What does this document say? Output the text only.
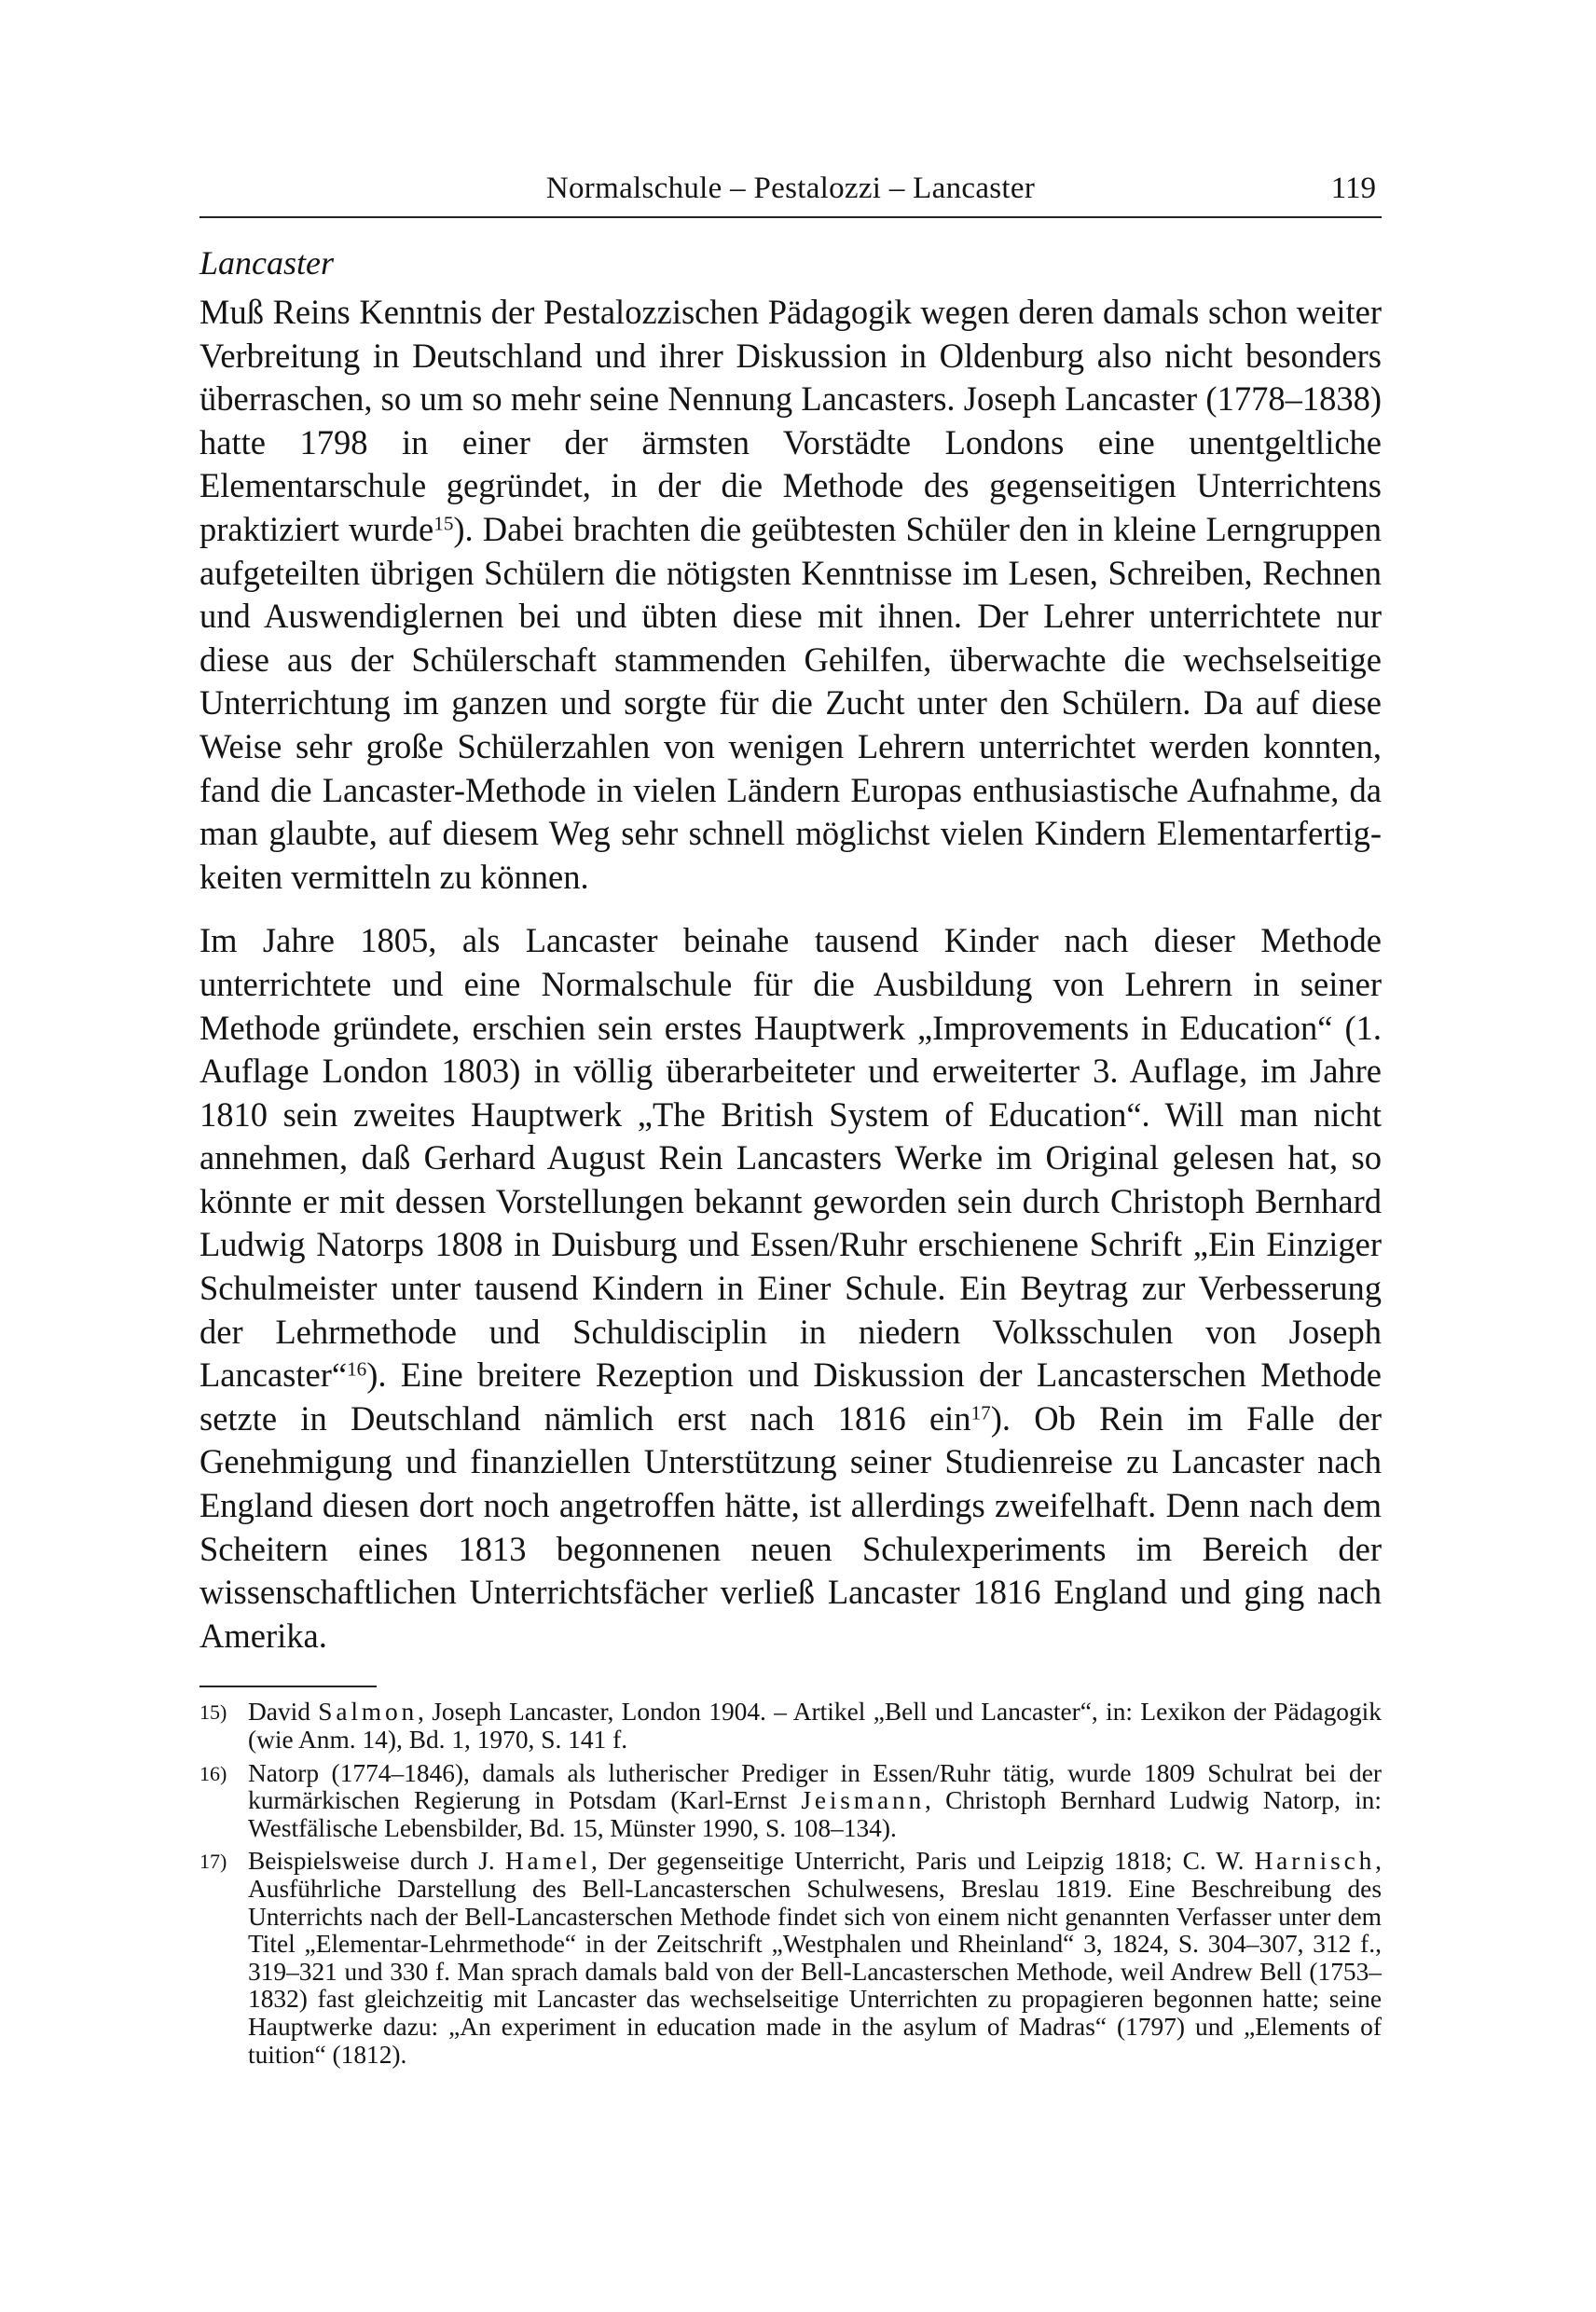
Normalschule – Pestalozzi – Lancaster	119
Lancaster

Muß Reins Kenntnis der Pestalozzischen Pädagogik wegen deren damals schon weiter Verbreitung in Deutschland und ihrer Diskussion in Oldenburg also nicht besonders überraschen, so um so mehr seine Nennung Lancasters. Joseph Lancaster (1778–1838) hatte 1798 in einer der ärmsten Vorstädte Londons eine unentgeltliche Elementarschule gegründet, in der die Methode des gegenseitigen Unterrichtens praktiziert wurde$^{15}$). Dabei brachten die geübtesten Schüler den in kleine Lerngruppen aufgeteilten übrigen Schülern die nötigsten Kenntnisse im Lesen, Schreiben, Rechnen und Auswendiglernen bei und übten diese mit ihnen. Der Lehrer unterrichtete nur diese aus der Schülerschaft stammenden Gehilfen, überwachte die wechselseitige Unterrichtung im ganzen und sorgte für die Zucht unter den Schülern. Da auf diese Weise sehr große Schülerzahlen von wenigen Lehrern unterrichtet werden konnten, fand die Lancaster-Methode in vielen Ländern Europas enthusiastische Aufnahme, da man glaubte, auf diesem Weg sehr schnell möglichst vielen Kindern Elementarfertigkeiten vermitteln zu können.

Im Jahre 1805, als Lancaster beinahe tausend Kinder nach dieser Methode unterrichtete und eine Normalschule für die Ausbildung von Lehrern in seiner Methode gründete, erschien sein erstes Hauptwerk „Improvements in Education“ (1. Auflage London 1803) in völlig überarbeiteter und erweiterter 3. Auflage, im Jahre 1810 sein zweites Hauptwerk „The British System of Education“. Will man nicht annehmen, daß Gerhard August Rein Lancasters Werke im Original gelesen hat, so könnte er mit dessen Vorstellungen bekannt geworden sein durch Christoph Bernhard Ludwig Natorps 1808 in Duisburg und Essen/Ruhr erschienene Schrift „Ein Einziger Schulmeister unter tausend Kindern in Einer Schule. Ein Beytrag zur Verbesserung der Lehrmethode und Schuldisciplin in niedern Volksschulen von Joseph Lancaster“$^{16}$). Eine breitere Rezeption und Diskussion der Lancasterschen Methode setzte in Deutschland nämlich erst nach 1816 ein$^{17}$). Ob Rein im Falle der Genehmigung und finanziellen Unterstützung seiner Studienreise zu Lancaster nach England diesen dort noch angetroffen hätte, ist allerdings zweifelhaft. Denn nach dem Scheitern eines 1813 begonnenen neuen Schulexperiments im Bereich der wissenschaftlichen Unterrichtsfächer verließ Lancaster 1816 England und ging nach Amerika.

15) David Salmon, Joseph Lancaster, London 1904. – Artikel „Bell und Lancaster“, in: Lexikon der Pädagogik (wie Anm. 14), Bd. 1, 1970, S. 141 f.
16) Natorp (1774–1846), damals als lutherischer Prediger in Essen/Ruhr tätig, wurde 1809 Schulrat bei der kurmärkischen Regierung in Potsdam (Karl-Ernst Jeismann, Christoph Bernhard Ludwig Natorp, in: Westfälische Lebensbilder, Bd. 15, Münster 1990, S. 108–134).
17) Beispielsweise durch J. Hamel, Der gegenseitige Unterricht, Paris und Leipzig 1818; C. W. Harnisch, Ausführliche Darstellung des Bell-Lancasterschen Schulwesens, Breslau 1819. Eine Beschreibung des Unterrichts nach der Bell-Lancasterschen Methode findet sich von einem nicht genannten Verfasser unter dem Titel „Elementar-Lehrmethode“ in der Zeitschrift „Westphalen und Rheinland“ 3, 1824, S. 304–307, 312 f., 319–321 und 330 f. Man sprach damals bald von der Bell-Lancasterschen Methode, weil Andrew Bell (1753–1832) fast gleichzeitig mit Lancaster das wechselseitige Unterrichten zu propagieren begonnen hatte; seine Hauptwerke dazu: „An experiment in education made in the asylum of Madras“ (1797) und „Elements of tuition“ (1812).
